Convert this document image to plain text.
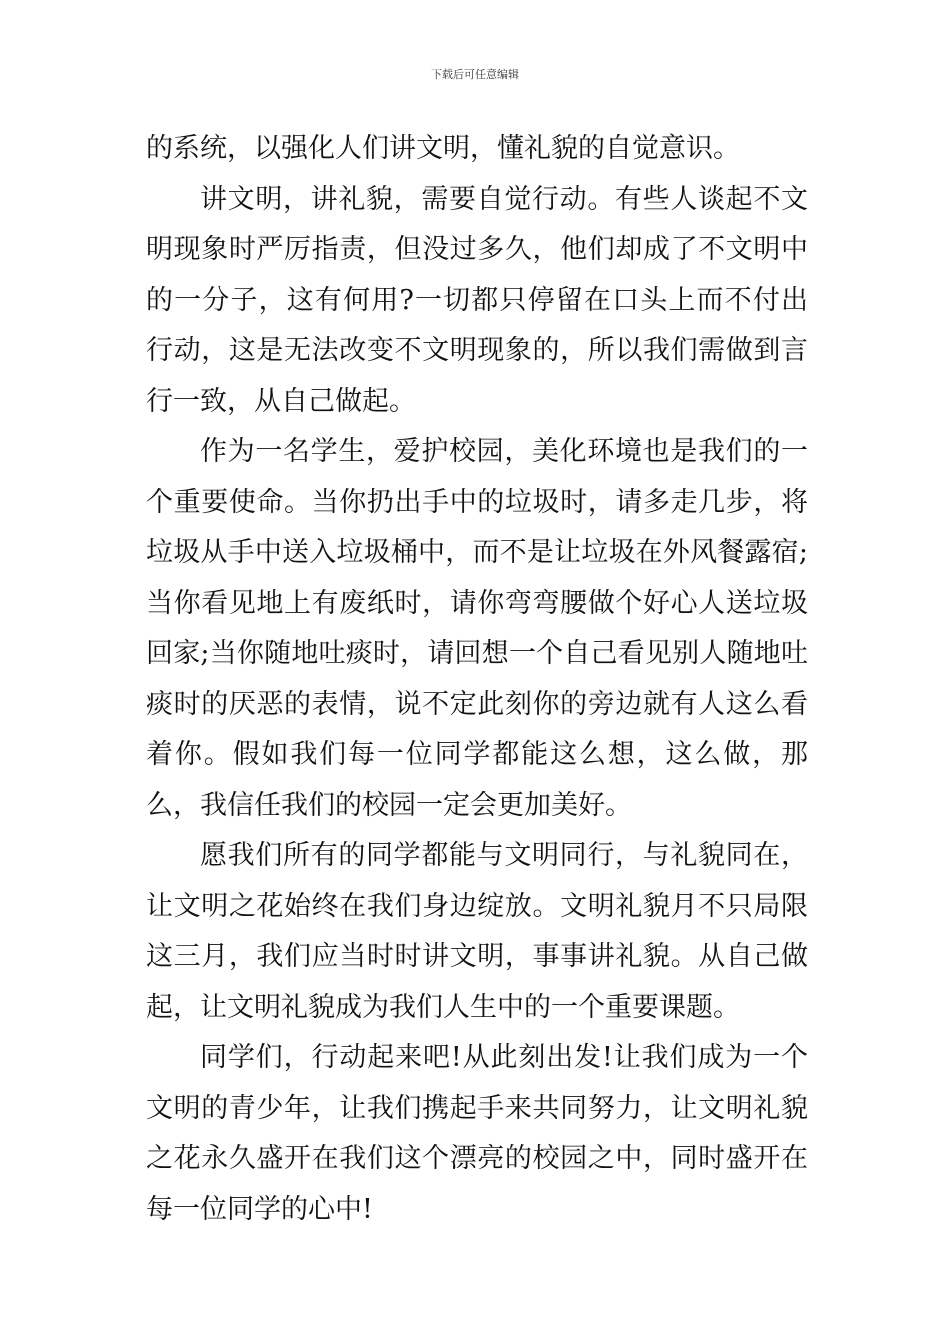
下载后可任意编辑

的系统，以强化人们讲文明，懂礼貌的自觉意识。

讲文明，讲礼貌，需要自觉行动。有些人谈起不文明现象时严厉指责，但没过多久，他们却成了不文明中的一分子，这有何用?一切都只停留在口头上而不付出行动，这是无法改变不文明现象的，所以我们需做到言行一致，从自己做起。

作为一名学生，爱护校园，美化环境也是我们的一个重要使命。当你扔出手中的垃圾时，请多走几步，将垃圾从手中送入垃圾桶中，而不是让垃圾在外风餐露宿;当你看见地上有废纸时，请你弯弯腰做个好心人送垃圾回家;当你随地吐痰时，请回想一个自己看见别人随地吐痰时的厌恶的表情，说不定此刻你的旁边就有人这么看着你。假如我们每一位同学都能这么想，这么做，那么，我信任我们的校园一定会更加美好。

愿我们所有的同学都能与文明同行，与礼貌同在，让文明之花始终在我们身边绽放。文明礼貌月不只局限这三月，我们应当时时讲文明，事事讲礼貌。从自己做起，让文明礼貌成为我们人生中的一个重要课题。

同学们，行动起来吧!从此刻出发!让我们成为一个文明的青少年，让我们携起手来共同努力，让文明礼貌之花永久盛开在我们这个漂亮的校园之中，同时盛开在每一位同学的心中!
